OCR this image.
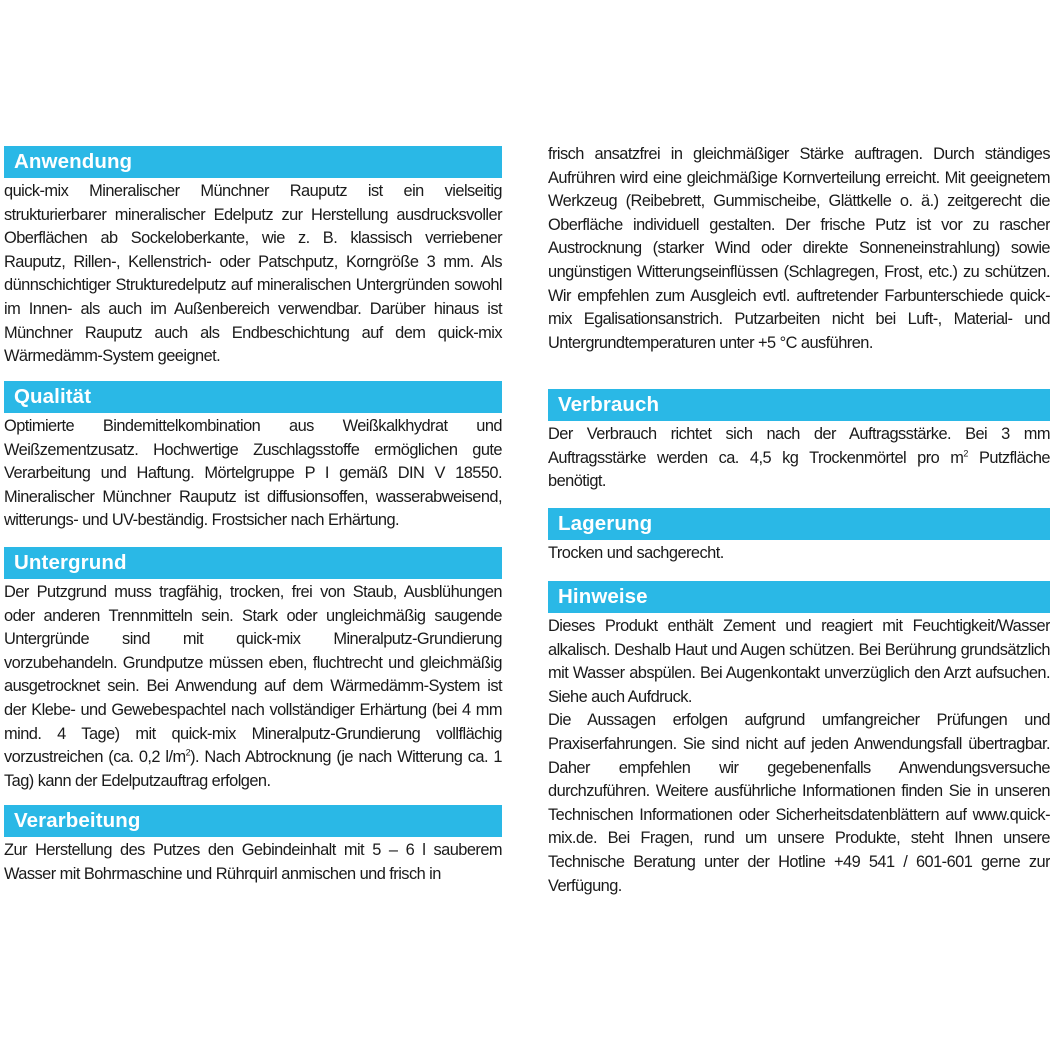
Anwendung

quick-mix Mineralischer Münchner Rauputz ist ein vielseitig strukturierbarer mineralischer Edelputz zur Herstellung ausdrucksvoller Oberflächen ab Sockeloberkante, wie z. B. klassisch verriebener Rauputz, Rillen-, Kellenstrich- oder Patschputz, Korngröße 3 mm. Als dünnschichtiger Strukturedelputz auf mineralischen Untergründen sowohl im Innen- als auch im Außenbereich verwendbar. Darüber hinaus ist Münchner Rauputz auch als Endbeschichtung auf dem quick-mix Wärmedämm-System geeignet.

Qualität

Optimierte Bindemittelkombination aus Weißkalkhydrat und Weißzementzusatz. Hochwertige Zuschlagsstoffe ermöglichen gute Verarbeitung und Haftung. Mörtelgruppe P I gemäß DIN V 18550. Mineralischer Münchner Rauputz ist diffusionsoffen, wasserabweisend, witterungs- und UV-beständig. Frostsicher nach Erhärtung.

Untergrund

Der Putzgrund muss tragfähig, trocken, frei von Staub, Ausblühungen oder anderen Trennmitteln sein. Stark oder ungleichmäßig saugende Untergründe sind mit quick-mix Mineralputz-Grundierung vorzubehandeln. Grundputze müssen eben, fluchtrecht und gleichmäßig ausgetrocknet sein. Bei Anwendung auf dem Wärmedämm-System ist der Klebe- und Gewebespachtel nach vollständiger Erhärtung (bei 4 mm mind. 4 Tage) mit quick-mix Mineralputz-Grundierung vollflächig vorzustreichen (ca. 0,2 $l/m^2$). Nach Abtrocknung (je nach Witterung ca. 1 Tag) kann der Edelputzauftrag erfolgen.

Verarbeitung

Zur Herstellung des Putzes den Gebindeinhalt mit 5 – 6 l sauberem Wasser mit Bohrmaschine und Rührquirl anmischen und frisch in

frisch ansatzfrei in gleichmäßiger Stärke auftragen. Durch ständiges Aufrühren wird eine gleichmäßige Kornverteilung erreicht. Mit geeignetem Werkzeug (Reibebrett, Gummischeibe, Glättkelle o. ä.) zeitgerecht die Oberfläche individuell gestalten. Der frische Putz ist vor zu rascher Austrocknung (starker Wind oder direkte Sonneneinstrahlung) sowie ungünstigen Witterungseinflüssen (Schlagregen, Frost, etc.) zu schützen. Wir empfehlen zum Ausgleich evtl. auftretender Farbunterschiede quick-mix Egalisationsanstrich. Putzarbeiten nicht bei Luft-, Material- und Untergrundtemperaturen unter +5 °C ausführen.

Verbrauch

Der Verbrauch richtet sich nach der Auftragsstärke. Bei 3 mm Auftragsstärke werden ca. 4,5 kg Trockenmörtel pro $m^2$ Putzfläche benötigt.

Lagerung

Trocken und sachgerecht.

Hinweise

Dieses Produkt enthält Zement und reagiert mit Feuchtigkeit/Wasser alkalisch. Deshalb Haut und Augen schützen. Bei Berührung grundsätzlich mit Wasser abspülen. Bei Augenkontakt unverzüglich den Arzt aufsuchen. Siehe auch Aufdruck.

Die Aussagen erfolgen aufgrund umfangreicher Prüfungen und Praxiserfahrungen. Sie sind nicht auf jeden Anwendungsfall übertragbar. Daher empfehlen wir gegebenenfalls Anwendungsversuche durchzuführen. Weitere ausführliche Informationen finden Sie in unseren Technischen Informationen oder Sicherheitsdatenblättern auf www.quick-mix.de. Bei Fragen, rund um unsere Produkte, steht Ihnen unsere Technische Beratung unter der Hotline +49 541 / 601-601 gerne zur Verfügung.
